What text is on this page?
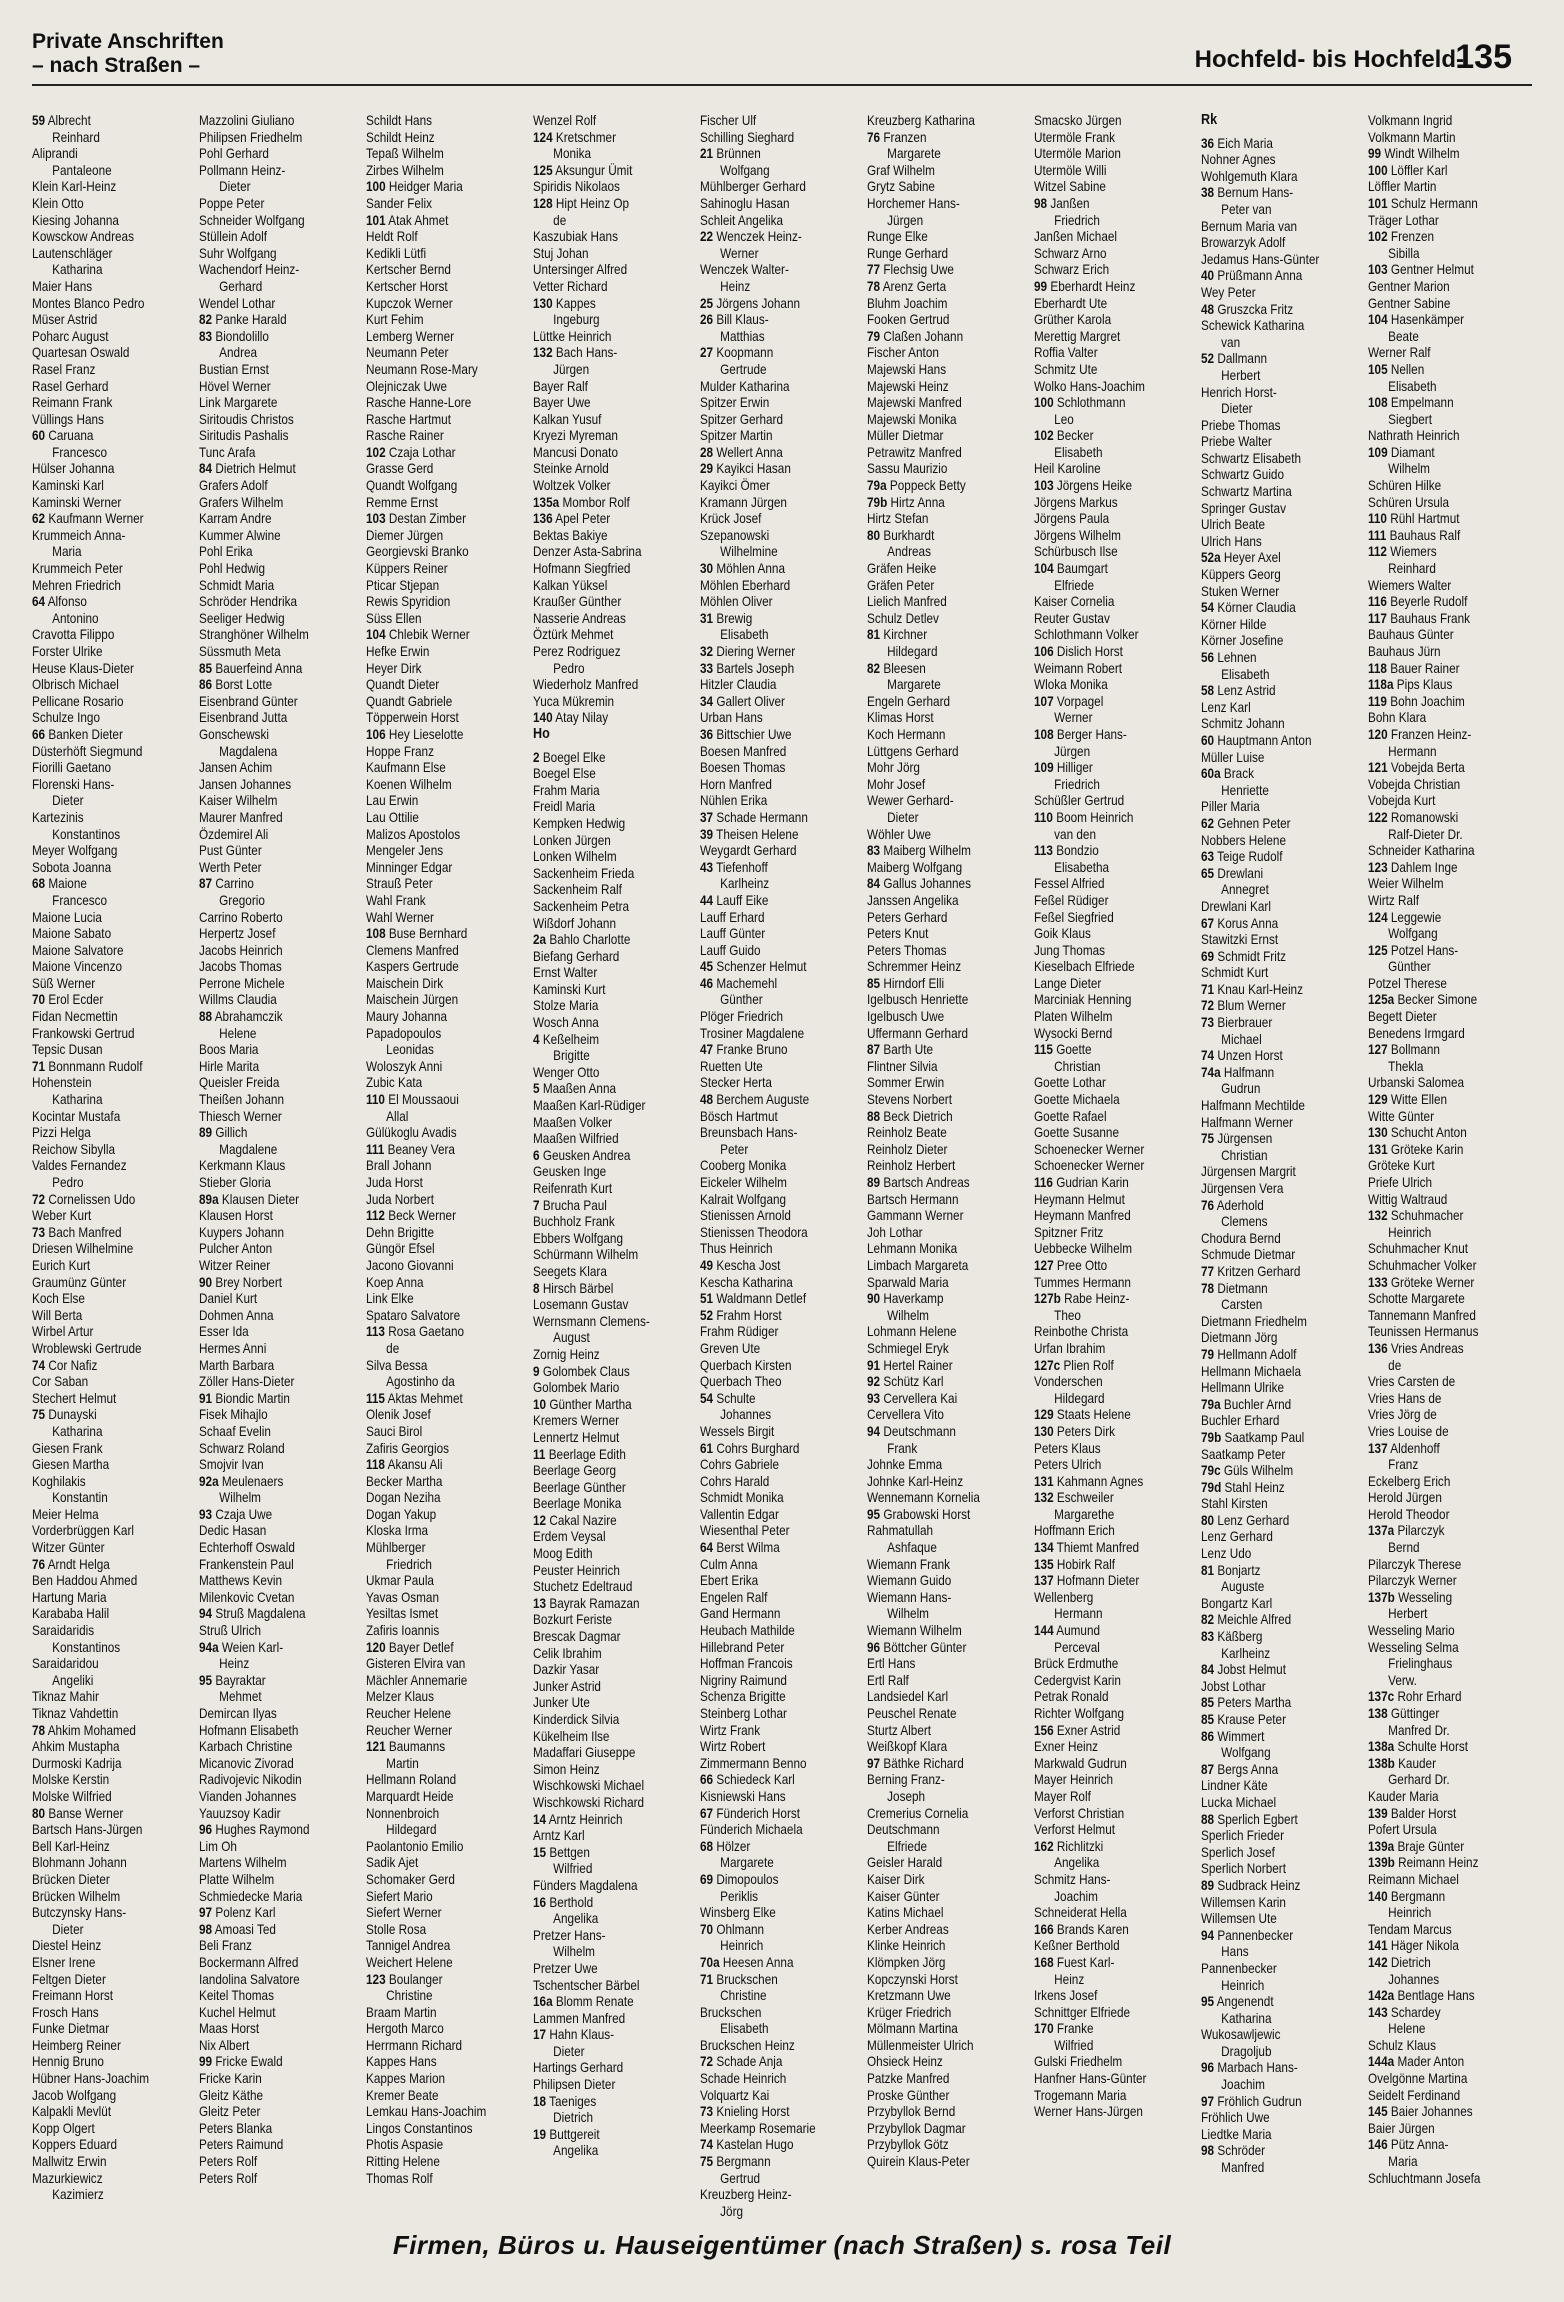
Private Anschriften
– nach Straßen –	Hochfeld- bis Hochfeld-
135
59 Albrecht
Reinhard
Aliprandi
Pantaleone
Klein Karl-Heinz
Klein Otto
Kiesing Johanna
Kowsckow Andreas
Lautenschläger
Katharina
Maier Hans
Montes Blanco Pedro
Müser Astrid
Poharc August
Quartesan Oswald
Rasel Franz
Rasel Gerhard
Reimann Frank
Vüllings Hans
60 Caruana
Francesco
Hülser Johanna
Kaminski Karl
Kaminski Werner
62 Kaufmann Werner
Krummeich Anna-
Maria
Krummeich Peter
Mehren Friedrich
64 Alfonso
Antonino
Cravotta Filippo
Forster Ulrike
Heuse Klaus-Dieter
Olbrisch Michael
Pellicane Rosario
Schulze Ingo
66 Banken Dieter
Düsterhöft Siegmund
Fiorilli Gaetano
Florenski Hans-
Dieter
Kartezinis
Konstantinos
Meyer Wolfgang
Sobota Joanna
68 Maione
Francesco
Maione Lucia
Maione Sabato
Maione Salvatore
Maione Vincenzo
Süß Werner
70 Erol Ecder
Fidan Necmettin
Frankowski Gertrud
Tepsic Dusan
71 Bonnmann Rudolf
Hohenstein
Katharina
Kocintar Mustafa
Pizzi Helga
Reichow Sibylla
Valdes Fernandez
Pedro
72 Cornelissen Udo
Weber Kurt
73 Bach Manfred
Driesen Wilhelmine
Eurich Kurt
Graumünz Günter
Koch Else
Will Berta
Wirbel Artur
Wroblewski Gertrude
74 Cor Nafiz
Cor Saban
Stechert Helmut
75 Dunayski
Katharina
Giesen Frank
Giesen Martha
Koghilakis
Konstantin
Meier Helma
Vorderbrüggen Karl
Witzer Günter
76 Arndt Helga
Ben Haddou Ahmed
Hartung Maria
Karababa Halil
Saraidaridis
Konstantinos
Saraidaridou
Angeliki
Tiknaz Mahir
Tiknaz Vahdettin
78 Ahkim Mohamed
Ahkim Mustapha
Durmoski Kadrija
Molske Kerstin
Molske Wilfried
80 Banse Werner
Bartsch Hans-Jürgen
Bell Karl-Heinz
Blohmann Johann
Brücken Dieter
Brücken Wilhelm
Butczynsky Hans-
Dieter
Diestel Heinz
Elsner Irene
Feltgen Dieter
Freimann Horst
Frosch Hans
Funke Dietmar
Heimberg Reiner
Hennig Bruno
Hübner Hans-Joachim
Jacob Wolfgang
Kalpakli Mevlüt
Kopp Olgert
Koppers Eduard
Mallwitz Erwin
Mazurkiewicz
Kazimierz
Mazzolini Giuliano
Philipsen Friedhelm
Pohl Gerhard
Pollmann Heinz-
Dieter
Poppe Peter
Schneider Wolfgang
Stüllein Adolf
Suhr Wolfgang
Wachendorf Heinz-
Gerhard
Wendel Lothar
82 Panke Harald
83 Biondolillo
Andrea
Bustian Ernst
Hövel Werner
Link Margarete
Siritoudis Christos
Siritudis Pashalis
Tunc Arafa
84 Dietrich Helmut
Grafers Adolf
Grafers Wilhelm
Karram Andre
Kummer Alwine
Pohl Erika
Pohl Hedwig
Schmidt Maria
Schröder Hendrika
Seeliger Hedwig
Stranghöner Wilhelm
Süssmuth Meta
85 Bauerfeind Anna
86 Borst Lotte
Eisenbrand Günter
Eisenbrand Jutta
Gonschewski
Magdalena
Jansen Achim
Jansen Johannes
Kaiser Wilhelm
Maurer Manfred
Özdemirel Ali
Pust Günter
Werth Peter
87 Carrino
Gregorio
Carrino Roberto
Herpertz Josef
Jacobs Heinrich
Jacobs Thomas
Perrone Michele
Willms Claudia
88 Abrahamczik
Helene
Boos Maria
Hirle Marita
Queisler Freida
Theißen Johann
Thiesch Werner
89 Gillich
Magdalene
Kerkmann Klaus
Stieber Gloria
89a Klausen Dieter
Klausen Horst
Kuypers Johann
Pulcher Anton
Witzer Reiner
90 Brey Norbert
Daniel Kurt
Dohmen Anna
Esser Ida
Hermes Anni
Marth Barbara
Zöller Hans-Dieter
91 Biondic Martin
Fisek Mihajlo
Schaaf Evelin
Schwarz Roland
Smojvir Ivan
92a Meulenaers
Wilhelm
93 Czaja Uwe
Dedic Hasan
Echterhoff Oswald
Frankenstein Paul
Matthews Kevin
Milenkovic Cvetan
94 Struß Magdalena
Struß Ulrich
94a Weien Karl-
Heinz
95 Bayraktar
Mehmet
Demircan Ilyas
Hofmann Elisabeth
Karbach Christine
Micanovic Zivorad
Radivojevic Nikodin
Vianden Johannes
Yauuzsoy Kadir
96 Hughes Raymond
Lim Oh
Martens Wilhelm
Platte Wilhelm
Schmiedecke Maria
97 Polenz Karl
98 Amoasi Ted
Beli Franz
Bockermann Alfred
Iandolina Salvatore
Keitel Thomas
Kuchel Helmut
Maas Horst
Nix Albert
99 Fricke Ewald
Fricke Karin
Gleitz Käthe
Gleitz Peter
Peters Blanka
Peters Raimund
Peters Rolf
Peters Rolf
Schildt Hans
Schildt Heinz
Tepaß Wilhelm
Zirbes Wilhelm
100 Heidger Maria
Sander Felix
101 Atak Ahmet
Heldt Rolf
Kedikli Lütfi
Kertscher Bernd
Kertscher Horst
Kupczok Werner
Kurt Fehim
Lemberg Werner
Neumann Peter
Neumann Rose-Mary
Olejniczak Uwe
Rasche Hanne-Lore
Rasche Hartmut
Rasche Rainer
102 Czaja Lothar
Grasse Gerd
Quandt Wolfgang
Remme Ernst
103 Destan Zimber
Diemer Jürgen
Georgievski Branko
Küppers Reiner
Pticar Stjepan
Rewis Spyridion
Süss Ellen
104 Chlebik Werner
Hefke Erwin
Heyer Dirk
Quandt Dieter
Quandt Gabriele
Töpperwein Horst
106 Hey Lieselotte
Hoppe Franz
Kaufmann Else
Koenen Wilhelm
Lau Erwin
Lau Ottilie
Malizos Apostolos
Mengeler Jens
Minninger Edgar
Strauß Peter
Wahl Frank
Wahl Werner
108 Buse Bernhard
Clemens Manfred
Kaspers Gertrude
Maischein Dirk
Maischein Jürgen
Maury Johanna
Papadopoulos
Leonidas
Woloszyk Anni
Zubic Kata
110 El Moussaoui
Allal
Gülükoglu Avadis
111 Beaney Vera
Brall Johann
Juda Horst
Juda Norbert
112 Beck Werner
Dehn Brigitte
Güngör Efsel
Jacono Giovanni
Koep Anna
Link Elke
Spataro Salvatore
113 Rosa Gaetano
de
Silva Bessa
Agostinho da
115 Aktas Mehmet
Olenik Josef
Sauci Birol
Zafiris Georgios
118 Akansu Ali
Becker Martha
Dogan Neziha
Dogan Yakup
Kloska Irma
Mühlberger
Friedrich
Ukmar Paula
Yavas Osman
Yesiltas Ismet
Zafiris Ioannis
120 Bayer Detlef
Gisteren Elvira van
Mächler Annemarie
Melzer Klaus
Reucher Helene
Reucher Werner
121 Baumanns
Martin
Hellmann Roland
Marquardt Heide
Nonnenbroich
Hildegard
Paolantonio Emilio
Sadik Ajet
Schomaker Gerd
Siefert Mario
Siefert Werner
Stolle Rosa
Tannigel Andrea
Weichert Helene
123 Boulanger
Christine
Braam Martin
Hergoth Marco
Herrmann Richard
Kappes Hans
Kappes Marion
Kremer Beate
Lemkau Hans-Joachim
Lingos Constantinos
Photis Aspasie
Ritting Helene
Thomas Rolf
Wenzel Rolf
124 Kretschmer
Monika
125 Aksungur Ümit
Spiridis Nikolaos
128 Hipt Heinz Op
de
Kaszubiak Hans
Stuj Johan
Untersinger Alfred
Vetter Richard
130 Kappes
Ingeburg
Lüttke Heinrich
132 Bach Hans-
Jürgen
Bayer Ralf
Bayer Uwe
Kalkan Yusuf
Kryezi Myreman
Mancusi Donato
Steinke Arnold
Woltzek Volker
135a Mombor Rolf
136 Apel Peter
Bektas Bakiye
Denzer Asta-Sabrina
Hofmann Siegfried
Kalkan Yüksel
Kraußer Günther
Nasserie Andreas
Öztürk Mehmet
Perez Rodriguez
Pedro
Wiederholz Manfred
Yuca Mükremin
140 Atay Nilay
Ho
2 Boegel Elke
Boegel Else
Frahm Maria
Freidl Maria
Kempken Hedwig
Lonken Jürgen
Lonken Wilhelm
Sackenheim Frieda
Sackenheim Ralf
Sackenheim Petra
Wißdorf Johann
2a Bahlo Charlotte
Biefang Gerhard
Ernst Walter
Kaminski Kurt
Stolze Maria
Wosch Anna
4 Keßelheim
Brigitte
Wenger Otto
5 Maaßen Anna
Maaßen Karl-Rüdiger
Maaßen Volker
Maaßen Wilfried
6 Geusken Andrea
Geusken Inge
Reifenrath Kurt
7 Brucha Paul
Buchholz Frank
Ebbers Wolfgang
Schürmann Wilhelm
Seegets Klara
8 Hirsch Bärbel
Losemann Gustav
Wernsmann Clemens-
August
Zornig Heinz
9 Golombek Claus
Golombek Mario
10 Günther Martha
Kremers Werner
Lennertz Helmut
11 Beerlage Edith
Beerlage Georg
Beerlage Günther
Beerlage Monika
12 Cakal Nazire
Erdem Veysal
Moog Edith
Peuster Heinrich
Stuchetz Edeltraud
13 Bayrak Ramazan
Bozkurt Feriste
Brescak Dagmar
Celik Ibrahim
Dazkir Yasar
Junker Astrid
Junker Ute
Kinderdick Silvia
Kükelheim Ilse
Madaffari Giuseppe
Simon Heinz
Wischkowski Michael
Wischkowski Richard
14 Arntz Heinrich
Arntz Karl
15 Bettgen
Wilfried
Fünders Magdalena
16 Berthold
Angelika
Pretzer Hans-
Wilhelm
Pretzer Uwe
Tschentscher Bärbel
16a Blomm Renate
Lammen Manfred
17 Hahn Klaus-
Dieter
Hartings Gerhard
Philipsen Dieter
18 Taeniges
Dietrich
19 Buttgereit
Angelika
Fischer Ulf
Schilling Sieghard
21 Brünnen
Wolfgang
Mühlberger Gerhard
Sahinoglu Hasan
Schleit Angelika
22 Wenczek Heinz-
Werner
Wenczek Walter-
Heinz
25 Jörgens Johann
26 Bill Klaus-
Matthias
27 Koopmann
Gertrude
Mulder Katharina
Spitzer Erwin
Spitzer Gerhard
Spitzer Martin
28 Wellert Anna
29 Kayikci Hasan
Kayikci Ömer
Kramann Jürgen
Krück Josef
Szepanowski
Wilhelmine
30 Möhlen Anna
Möhlen Eberhard
Möhlen Oliver
31 Brewig
Elisabeth
32 Diering Werner
33 Bartels Joseph
Hitzler Claudia
34 Gallert Oliver
Urban Hans
36 Bittschier Uwe
Boesen Manfred
Boesen Thomas
Horn Manfred
Nühlen Erika
37 Schade Hermann
39 Theisen Helene
Weygardt Gerhard
43 Tiefenhoff
Karlheinz
44 Lauff Eike
Lauff Erhard
Lauff Günter
Lauff Guido
45 Schenzer Helmut
46 Machemehl
Günther
Plöger Friedrich
Trosiner Magdalene
47 Franke Bruno
Ruetten Ute
Stecker Herta
48 Berchem Auguste
Bösch Hartmut
Breunsbach Hans-
Peter
Cooberg Monika
Eickeler Wilhelm
Kalrait Wolfgang
Stienissen Arnold
Stienissen Theodora
Thus Heinrich
49 Kescha Jost
Kescha Katharina
51 Waldmann Detlef
52 Frahm Horst
Frahm Rüdiger
Greven Ute
Querbach Kirsten
Querbach Theo
54 Schulte
Johannes
Wessels Birgit
61 Cohrs Burghard
Cohrs Gabriele
Cohrs Harald
Schmidt Monika
Vallentin Edgar
Wiesenthal Peter
64 Berst Wilma
Culm Anna
Ebert Erika
Engelen Ralf
Gand Hermann
Heubach Mathilde
Hillebrand Peter
Hoffman Francois
Nigriny Raimund
Schenza Brigitte
Steinberg Lothar
Wirtz Frank
Wirtz Robert
Zimmermann Benno
66 Schiedeck Karl
Kisniewski Hans
67 Fünderich Horst
Fünderich Michaela
68 Hölzer
Margarete
69 Dimopoulos
Periklis
Winsberg Elke
70 Ohlmann
Heinrich
70a Heesen Anna
71 Bruckschen
Christine
Bruckschen
Elisabeth
Bruckschen Heinz
72 Schade Anja
Schade Heinrich
Volquartz Kai
73 Knieling Horst
Meerkamp Rosemarie
74 Kastelan Hugo
75 Bergmann
Gertrud
Kreuzberg Heinz-
Jörg
Kreuzberg Katharina
76 Franzen
Margarete
Graf Wilhelm
Grytz Sabine
Horchemer Hans-
Jürgen
Runge Elke
Runge Gerhard
77 Flechsig Uwe
78 Arenz Gerta
Bluhm Joachim
Fooken Gertrud
79 Claßen Johann
Fischer Anton
Majewski Hans
Majewski Heinz
Majewski Manfred
Majewski Monika
Müller Dietmar
Petrawitz Manfred
Sassu Maurizio
79a Poppeck Betty
79b Hirtz Anna
Hirtz Stefan
80 Burkhardt
Andreas
Gräfen Heike
Gräfen Peter
Lielich Manfred
Schulz Detlev
81 Kirchner
Hildegard
82 Bleesen
Margarete
Engeln Gerhard
Klimas Horst
Koch Hermann
Lüttgens Gerhard
Mohr Jörg
Mohr Josef
Wewer Gerhard-
Dieter
Wöhler Uwe
83 Maiberg Wilhelm
Maiberg Wolfgang
84 Gallus Johannes
Janssen Angelika
Peters Gerhard
Peters Knut
Peters Thomas
Schremmer Heinz
85 Hirndorf Elli
Igelbusch Henriette
Igelbusch Uwe
Uffermann Gerhard
87 Barth Ute
Flintner Silvia
Sommer Erwin
Stevens Norbert
88 Beck Dietrich
Reinholz Beate
Reinholz Dieter
Reinholz Herbert
89 Bartsch Andreas
Bartsch Hermann
Gammann Werner
Joh Lothar
Lehmann Monika
Limbach Margareta
Sparwald Maria
90 Haverkamp
Wilhelm
Lohmann Helene
Schmiegel Eryk
91 Hertel Rainer
92 Schütz Karl
93 Cervellera Kai
Cervellera Vito
94 Deutschmann
Frank
Johnke Emma
Johnke Karl-Heinz
Wennemann Kornelia
95 Grabowski Horst
Rahmatullah
Ashfaque
Wiemann Frank
Wiemann Guido
Wiemann Hans-
Wilhelm
Wiemann Wilhelm
96 Böttcher Günter
Ertl Hans
Ertl Ralf
Landsiedel Karl
Peuschel Renate
Sturtz Albert
Weißkopf Klara
97 Bäthke Richard
Berning Franz-
Joseph
Cremerius Cornelia
Deutschmann
Elfriede
Geisler Harald
Kaiser Dirk
Kaiser Günter
Katins Michael
Kerber Andreas
Klinke Heinrich
Klömpken Jörg
Kopczynski Horst
Kretzmann Uwe
Krüger Friedrich
Mölmann Martina
Müllenmeister Ulrich
Ohsieck Heinz
Patzke Manfred
Proske Günther
Przybyllok Bernd
Przybyllok Dagmar
Przybyllok Götz
Quirein Klaus-Peter
Smacsko Jürgen
Utermöle Frank
Utermöle Marion
Utermöle Willi
Witzel Sabine
98 Janßen
Friedrich
Janßen Michael
Schwarz Arno
Schwarz Erich
99 Eberhardt Heinz
Eberhardt Ute
Grüther Karola
Merettig Margret
Roffia Valter
Schmitz Ute
Wolko Hans-Joachim
100 Schlothmann
Leo
102 Becker
Elisabeth
Heil Karoline
103 Jörgens Heike
Jörgens Markus
Jörgens Paula
Jörgens Wilhelm
Schürbusch Ilse
104 Baumgart
Elfriede
Kaiser Cornelia
Reuter Gustav
Schlothmann Volker
106 Dislich Horst
Weimann Robert
Wloka Monika
107 Vorpagel
Werner
108 Berger Hans-
Jürgen
109 Hilliger
Friedrich
Schüßler Gertrud
110 Boom Heinrich
van den
113 Bondzio
Elisabetha
Fessel Alfried
Feßel Rüdiger
Feßel Siegfried
Goik Klaus
Jung Thomas
Kieselbach Elfriede
Lange Dieter
Marciniak Henning
Platen Wilhelm
Wysocki Bernd
115 Goette
Christian
Goette Lothar
Goette Michaela
Goette Rafael
Goette Susanne
Schoenecker Werner
Schoenecker Werner
116 Gudrian Karin
Heymann Helmut
Heymann Manfred
Spitzner Fritz
Uebbecke Wilhelm
127 Pree Otto
Tummes Hermann
127b Rabe Heinz-
Theo
Reinbothe Christa
Urfan Ibrahim
127c Plien Rolf
Vonderschen
Hildegard
129 Staats Helene
130 Peters Dirk
Peters Klaus
Peters Ulrich
131 Kahmann Agnes
132 Eschweiler
Margarethe
Hoffmann Erich
134 Thiemt Manfred
135 Hobirk Ralf
137 Hofmann Dieter
Wellenberg
Hermann
144 Aumund
Perceval
Brück Erdmuthe
Cedergvist Karin
Petrak Ronald
Richter Wolfgang
156 Exner Astrid
Exner Heinz
Markwald Gudrun
Mayer Heinrich
Mayer Rolf
Verforst Christian
Verforst Helmut
162 Richlitzki
Angelika
Schmitz Hans-
Joachim
Schneiderat Hella
166 Brands Karen
Keßner Berthold
168 Fuest Karl-
Heinz
Irkens Josef
Schnittger Elfriede
170 Franke
Wilfried
Gulski Friedhelm
Hanfner Hans-Günter
Trogemann Maria
Werner Hans-Jürgen
Rk
36 Eich Maria
Nohner Agnes
Wohlgemuth Klara
38 Bernum Hans-
Peter van
Bernum Maria van
Browarzyk Adolf
Jedamus Hans-Günter
40 Prüßmann Anna
Wey Peter
48 Gruszcka Fritz
Schewick Katharina
van
52 Dallmann
Herbert
Henrich Horst-
Dieter
Priebe Thomas
Priebe Walter
Schwartz Elisabeth
Schwartz Guido
Schwartz Martina
Springer Gustav
Ulrich Beate
Ulrich Hans
52a Heyer Axel
Küppers Georg
Stuken Werner
54 Körner Claudia
Körner Hilde
Körner Josefine
56 Lehnen
Elisabeth
58 Lenz Astrid
Lenz Karl
Schmitz Johann
60 Hauptmann Anton
Müller Luise
60a Brack
Henriette
Piller Maria
62 Gehnen Peter
Nobbers Helene
63 Teige Rudolf
65 Drewlani
Annegret
Drewlani Karl
67 Korus Anna
Stawitzki Ernst
69 Schmidt Fritz
Schmidt Kurt
71 Knau Karl-Heinz
72 Blum Werner
73 Bierbrauer
Michael
74 Unzen Horst
74a Halfmann
Gudrun
Halfmann Mechtilde
Halfmann Werner
75 Jürgensen
Christian
Jürgensen Margrit
Jürgensen Vera
76 Aderhold
Clemens
Chodura Bernd
Schmude Dietmar
77 Kritzen Gerhard
78 Dietmann
Carsten
Dietmann Friedhelm
Dietmann Jörg
79 Hellmann Adolf
Hellmann Michaela
Hellmann Ulrike
79a Buchler Arnd
Buchler Erhard
79b Saatkamp Paul
Saatkamp Peter
79c Güls Wilhelm
79d Stahl Heinz
Stahl Kirsten
80 Lenz Gerhard
Lenz Gerhard
Lenz Udo
81 Bonjartz
Auguste
Bongartz Karl
82 Meichle Alfred
83 Käßberg
Karlheinz
84 Jobst Helmut
Jobst Lothar
85 Peters Martha
85 Krause Peter
86 Wimmert
Wolfgang
87 Bergs Anna
Lindner Käte
Lucka Michael
88 Sperlich Egbert
Sperlich Frieder
Sperlich Josef
Sperlich Norbert
89 Sudbrack Heinz
Willemsen Karin
Willemsen Ute
94 Pannenbecker
Hans
Pannenbecker
Heinrich
95 Angenendt
Katharina
Wukosawljewic
Dragoljub
96 Marbach Hans-
Joachim
97 Fröhlich Gudrun
Fröhlich Uwe
Liedtke Maria
98 Schröder
Manfred
Volkmann Ingrid
Volkmann Martin
99 Windt Wilhelm
100 Löffler Karl
Löffler Martin
101 Schulz Hermann
Träger Lothar
102 Frenzen
Sibilla
103 Gentner Helmut
Gentner Marion
Gentner Sabine
104 Hasenkämper
Beate
Werner Ralf
105 Nellen
Elisabeth
108 Empelmann
Siegbert
Nathrath Heinrich
109 Diamant
Wilhelm
Schüren Hilke
Schüren Ursula
110 Rühl Hartmut
111 Bauhaus Ralf
112 Wiemers
Reinhard
Wiemers Walter
116 Beyerle Rudolf
117 Bauhaus Frank
Bauhaus Günter
Bauhaus Jürn
118 Bauer Rainer
118a Pips Klaus
119 Bohn Joachim
Bohn Klara
120 Franzen Heinz-
Hermann
121 Vobejda Berta
Vobejda Christian
Vobejda Kurt
122 Romanowski
Ralf-Dieter Dr.
Schneider Katharina
123 Dahlem Inge
Weier Wilhelm
Wirtz Ralf
124 Leggewie
Wolfgang
125 Potzel Hans-
Günther
Potzel Therese
125a Becker Simone
Begett Dieter
Benedens Irmgard
127 Bollmann
Thekla
Urbanski Salomea
129 Witte Ellen
Witte Günter
130 Schucht Anton
131 Gröteke Karin
Gröteke Kurt
Priefe Ulrich
Wittig Waltraud
132 Schuhmacher
Heinrich
Schuhmacher Knut
Schuhmacher Volker
133 Gröteke Werner
Schotte Margarete
Tannemann Manfred
Teunissen Hermanus
136 Vries Andreas
de
Vries Carsten de
Vries Hans de
Vries Jörg de
Vries Louise de
137 Aldenhoff
Franz
Eckelberg Erich
Herold Jürgen
Herold Theodor
137a Pilarczyk
Bernd
Pilarczyk Therese
Pilarczyk Werner
137b Wesseling
Herbert
Wesseling Mario
Wesseling Selma
Frielinghaus
Verw.
137c Rohr Erhard
138 Güttinger
Manfred Dr.
138a Schulte Horst
138b Kauder
Gerhard Dr.
Kauder Maria
139 Balder Horst
Pofert Ursula
139a Braje Günter
139b Reimann Heinz
Reimann Michael
140 Bergmann
Heinrich
Tendam Marcus
141 Häger Nikola
142 Dietrich
Johannes
142a Bentlage Hans
143 Schardey
Helene
Schulz Klaus
144a Mader Anton
Ovelgönne Martina
Seidelt Ferdinand
145 Baier Johannes
Baier Jürgen
146 Pütz Anna-
Maria
Schluchtmann Josefa
Firmen, Büros u. Hauseigentümer (nach Straßen) s. rosa Teil
